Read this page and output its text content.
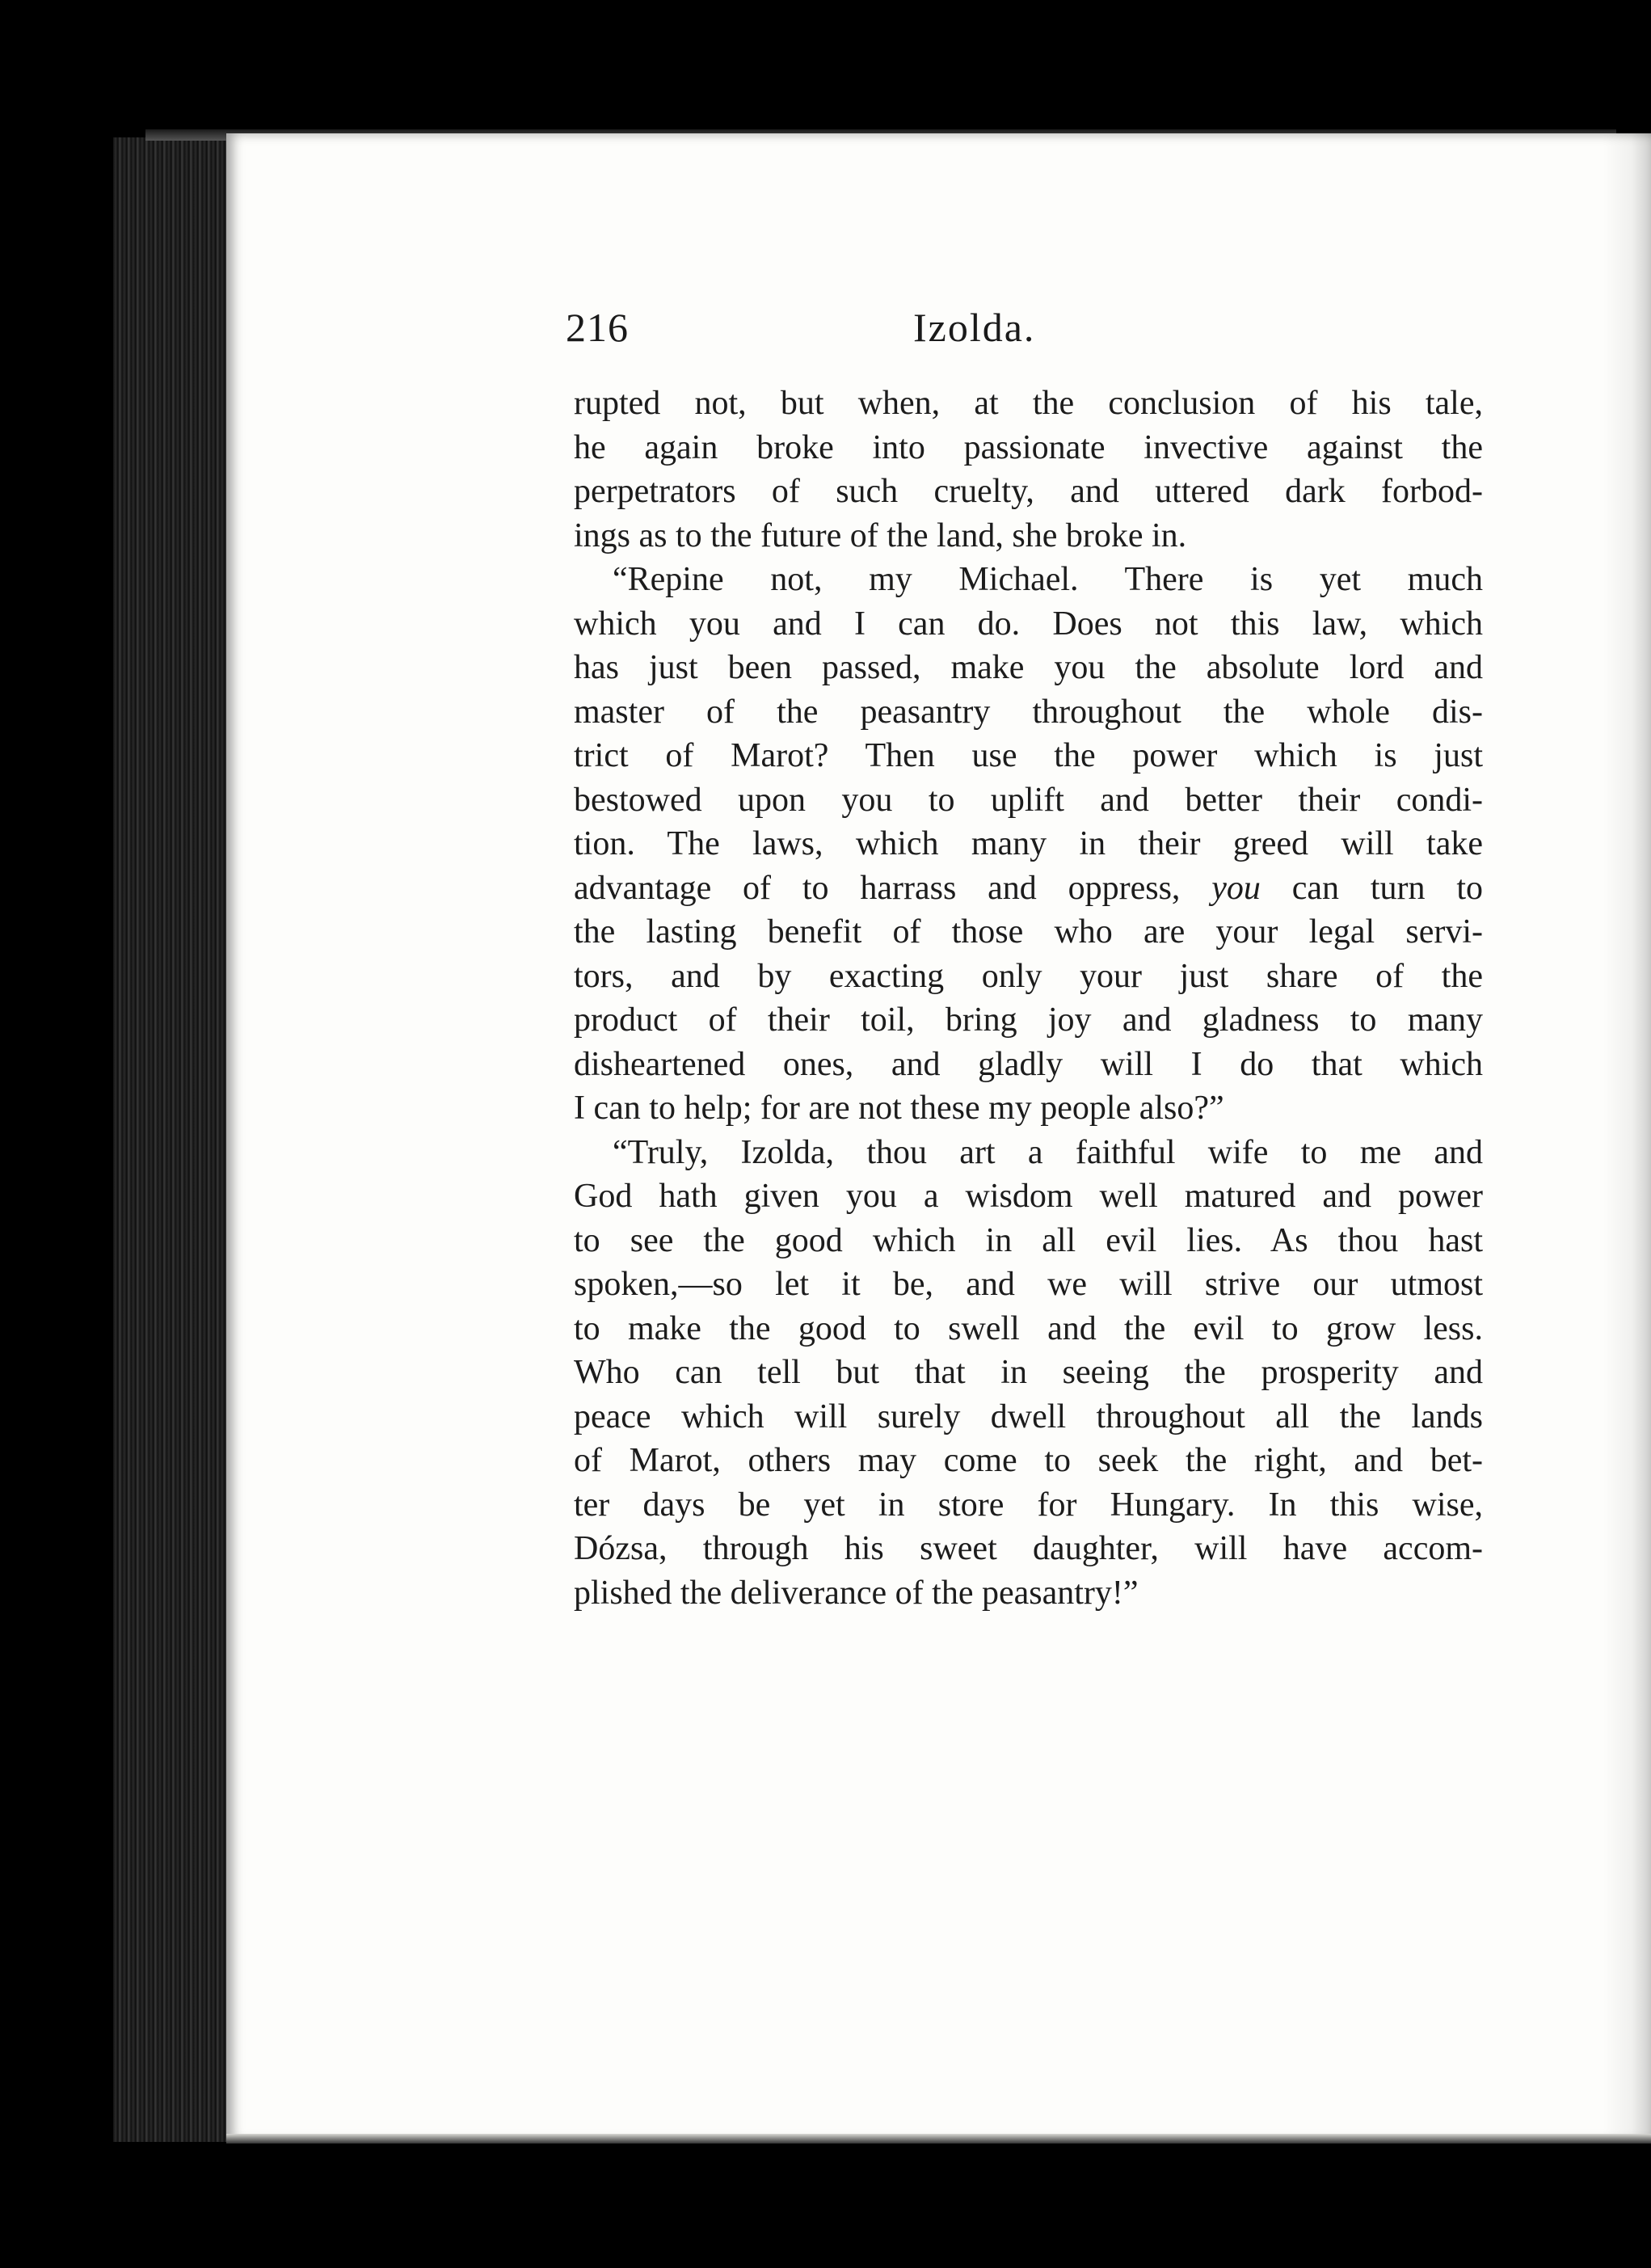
216	Izolda.
rupted not, but when, at the conclusion of his tale,
he again broke into passionate invective against the
perpetrators of such cruelty, and uttered dark forbod-
ings as to the future of the land, she broke in.
“Repine not, my Michael. There is yet much
which you and I can do. Does not this law, which
has just been passed, make you the absolute lord and
master of the peasantry throughout the whole dis-
trict of Marot? Then use the power which is just
bestowed upon you to uplift and better their condi-
tion. The laws, which many in their greed will take
advantage of to harrass and oppress, you can turn to
the lasting benefit of those who are your legal servi-
tors, and by exacting only your just share of the
product of their toil, bring joy and gladness to many
disheartened ones, and gladly will I do that which
I can to help; for are not these my people also?”
“Truly, Izolda, thou art a faithful wife to me and
God hath given you a wisdom well matured and power
to see the good which in all evil lies. As thou hast
spoken,—so let it be, and we will strive our utmost
to make the good to swell and the evil to grow less.
Who can tell but that in seeing the prosperity and
peace which will surely dwell throughout all the lands
of Marot, others may come to seek the right, and bet-
ter days be yet in store for Hungary. In this wise,
Dózsa, through his sweet daughter, will have accom-
plished the deliverance of the peasantry!”
